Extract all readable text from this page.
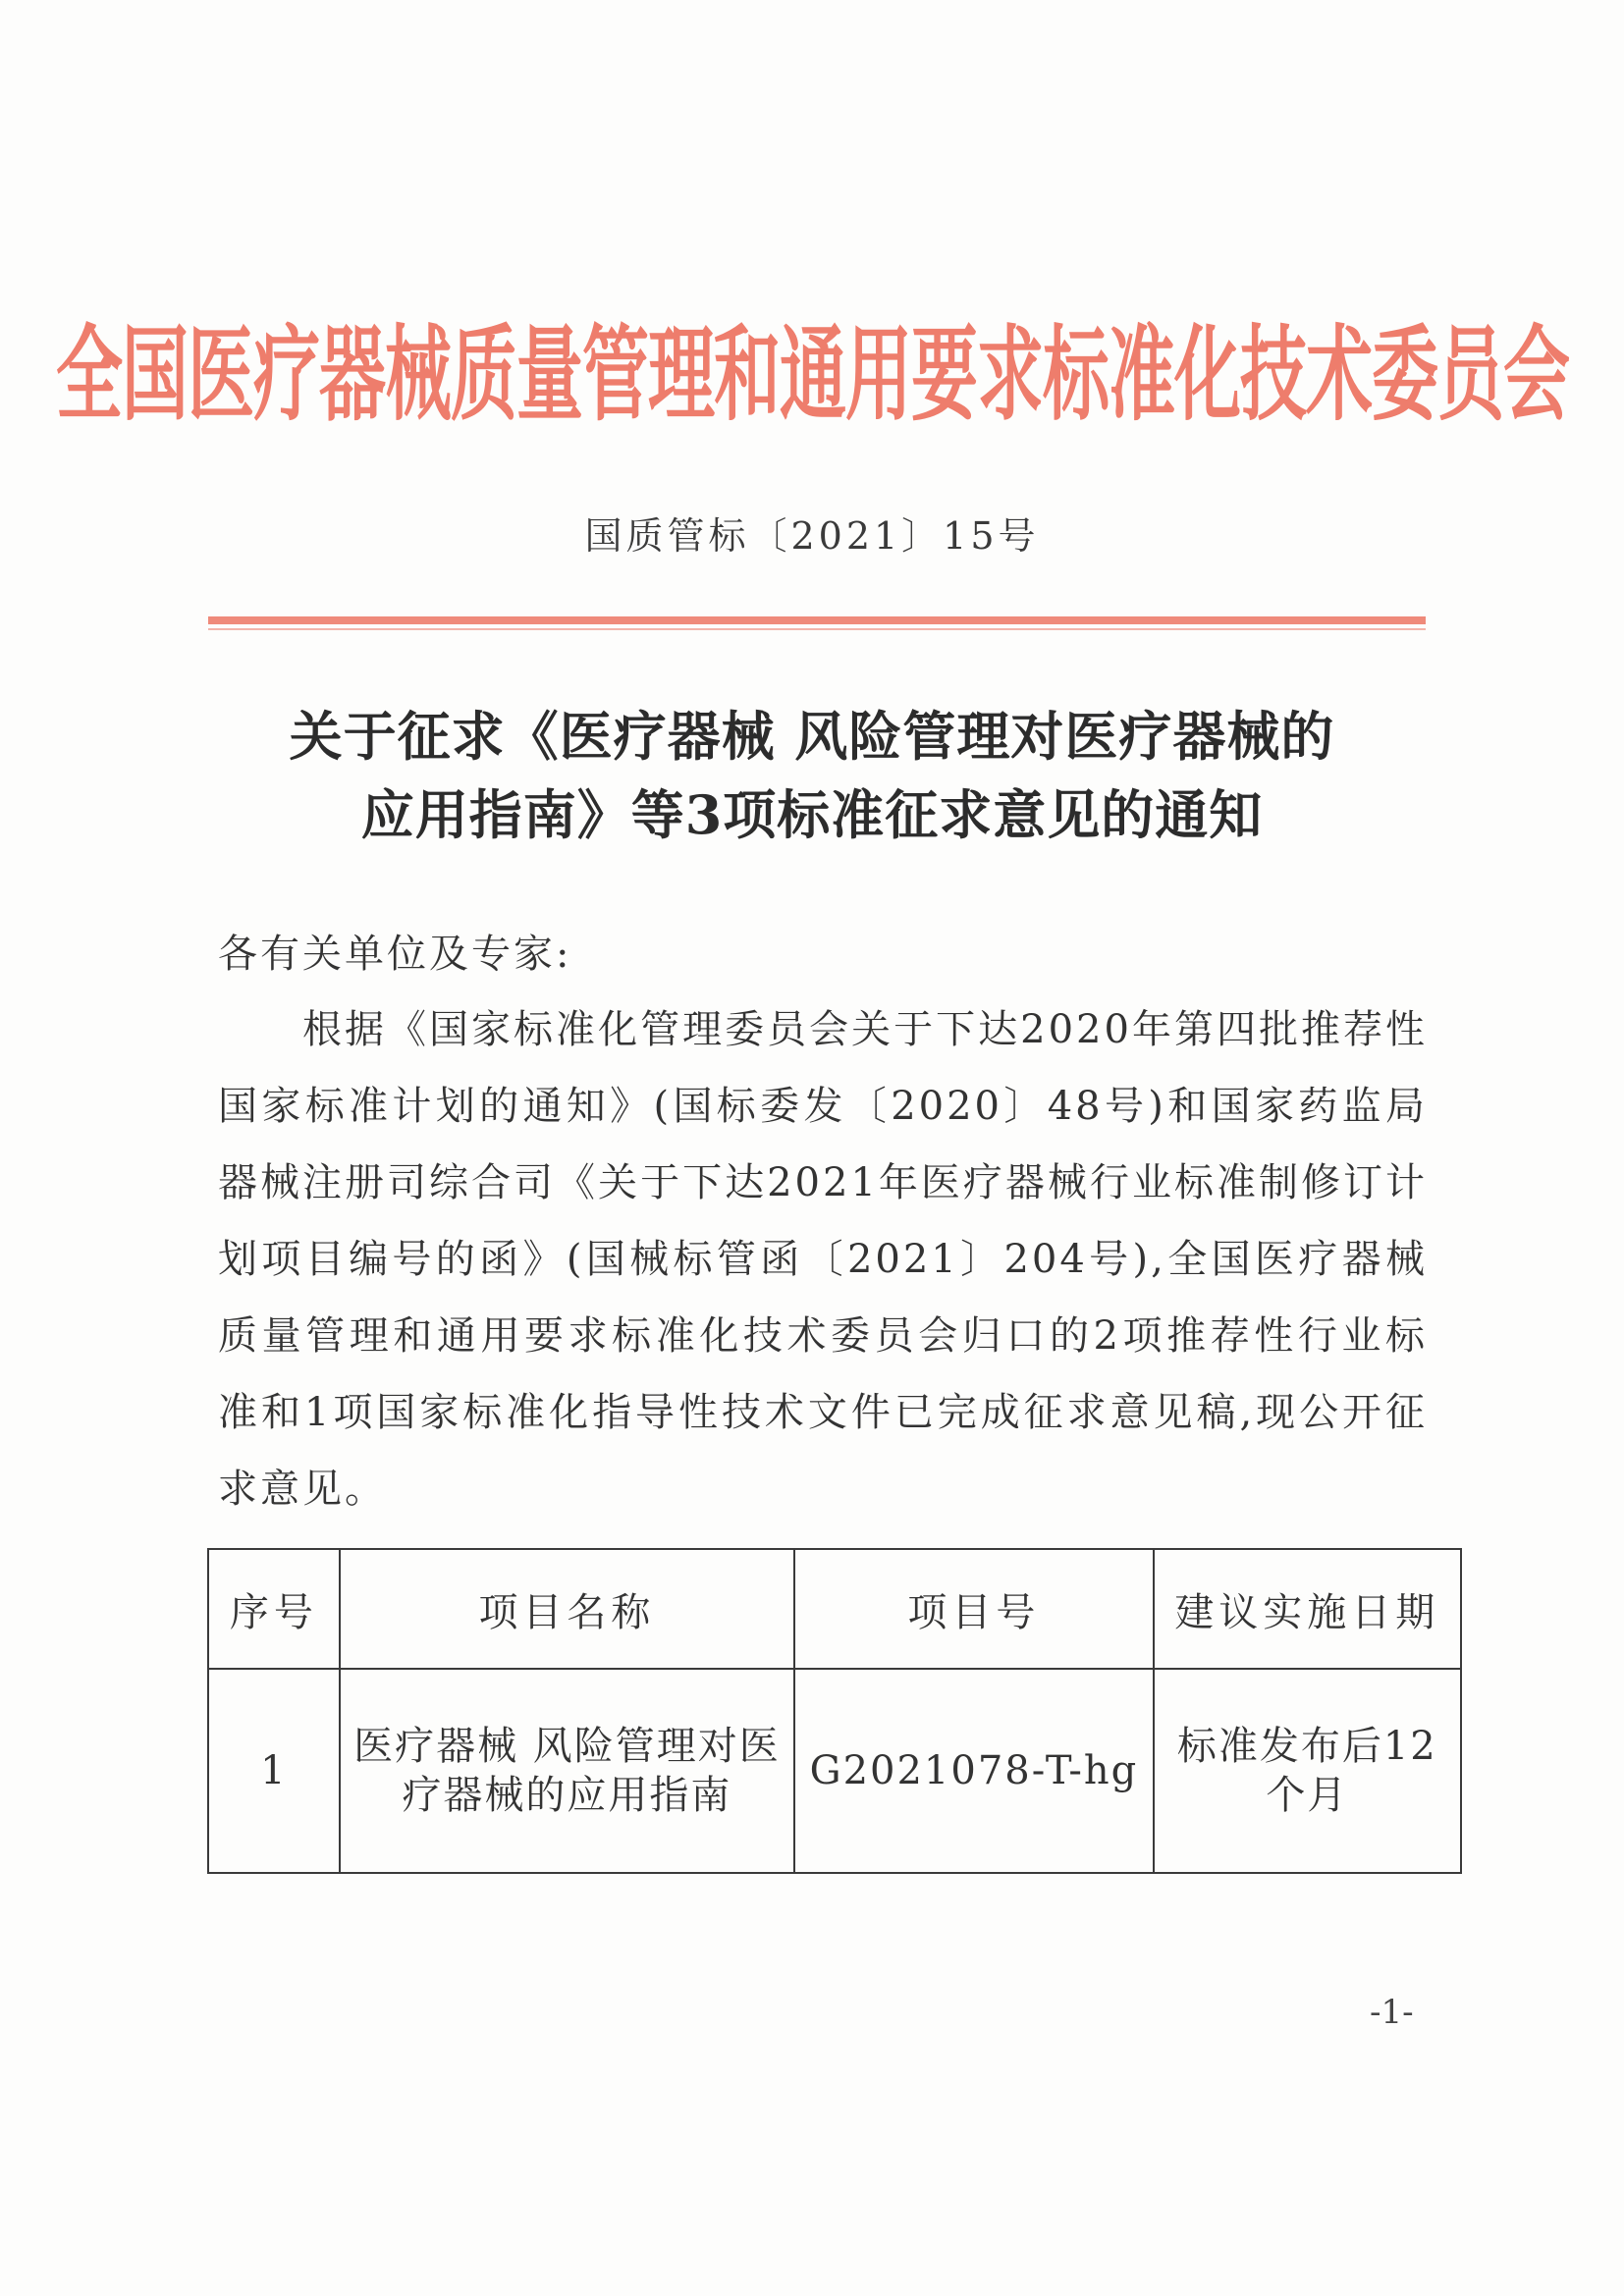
全国医疗器械质量管理和通用要求标准化技术委员会
国质管标〔2021〕15号
关于征求《医疗器械 风险管理对医疗器械的
应用指南》等3项标准征求意见的通知
各有关单位及专家:
根据《国家标准化管理委员会关于下达2020年第四批推荐性国家标准计划的通知》(国标委发〔2020〕48号)和国家药监局器械注册司综合司《关于下达2021年医疗器械行业标准制修订计划项目编号的函》(国械标管函〔2021〕204号),全国医疗器械质量管理和通用要求标准化技术委员会归口的2项推荐性行业标准和1项国家标准化指导性技术文件已完成征求意见稿,现公开征求意见。
序号	项目名称	项目号	建议实施日期
1	医疗器械 风险管理对医疗器械的应用指南	G2021078-T-hg	标准发布后12个月
-1-
